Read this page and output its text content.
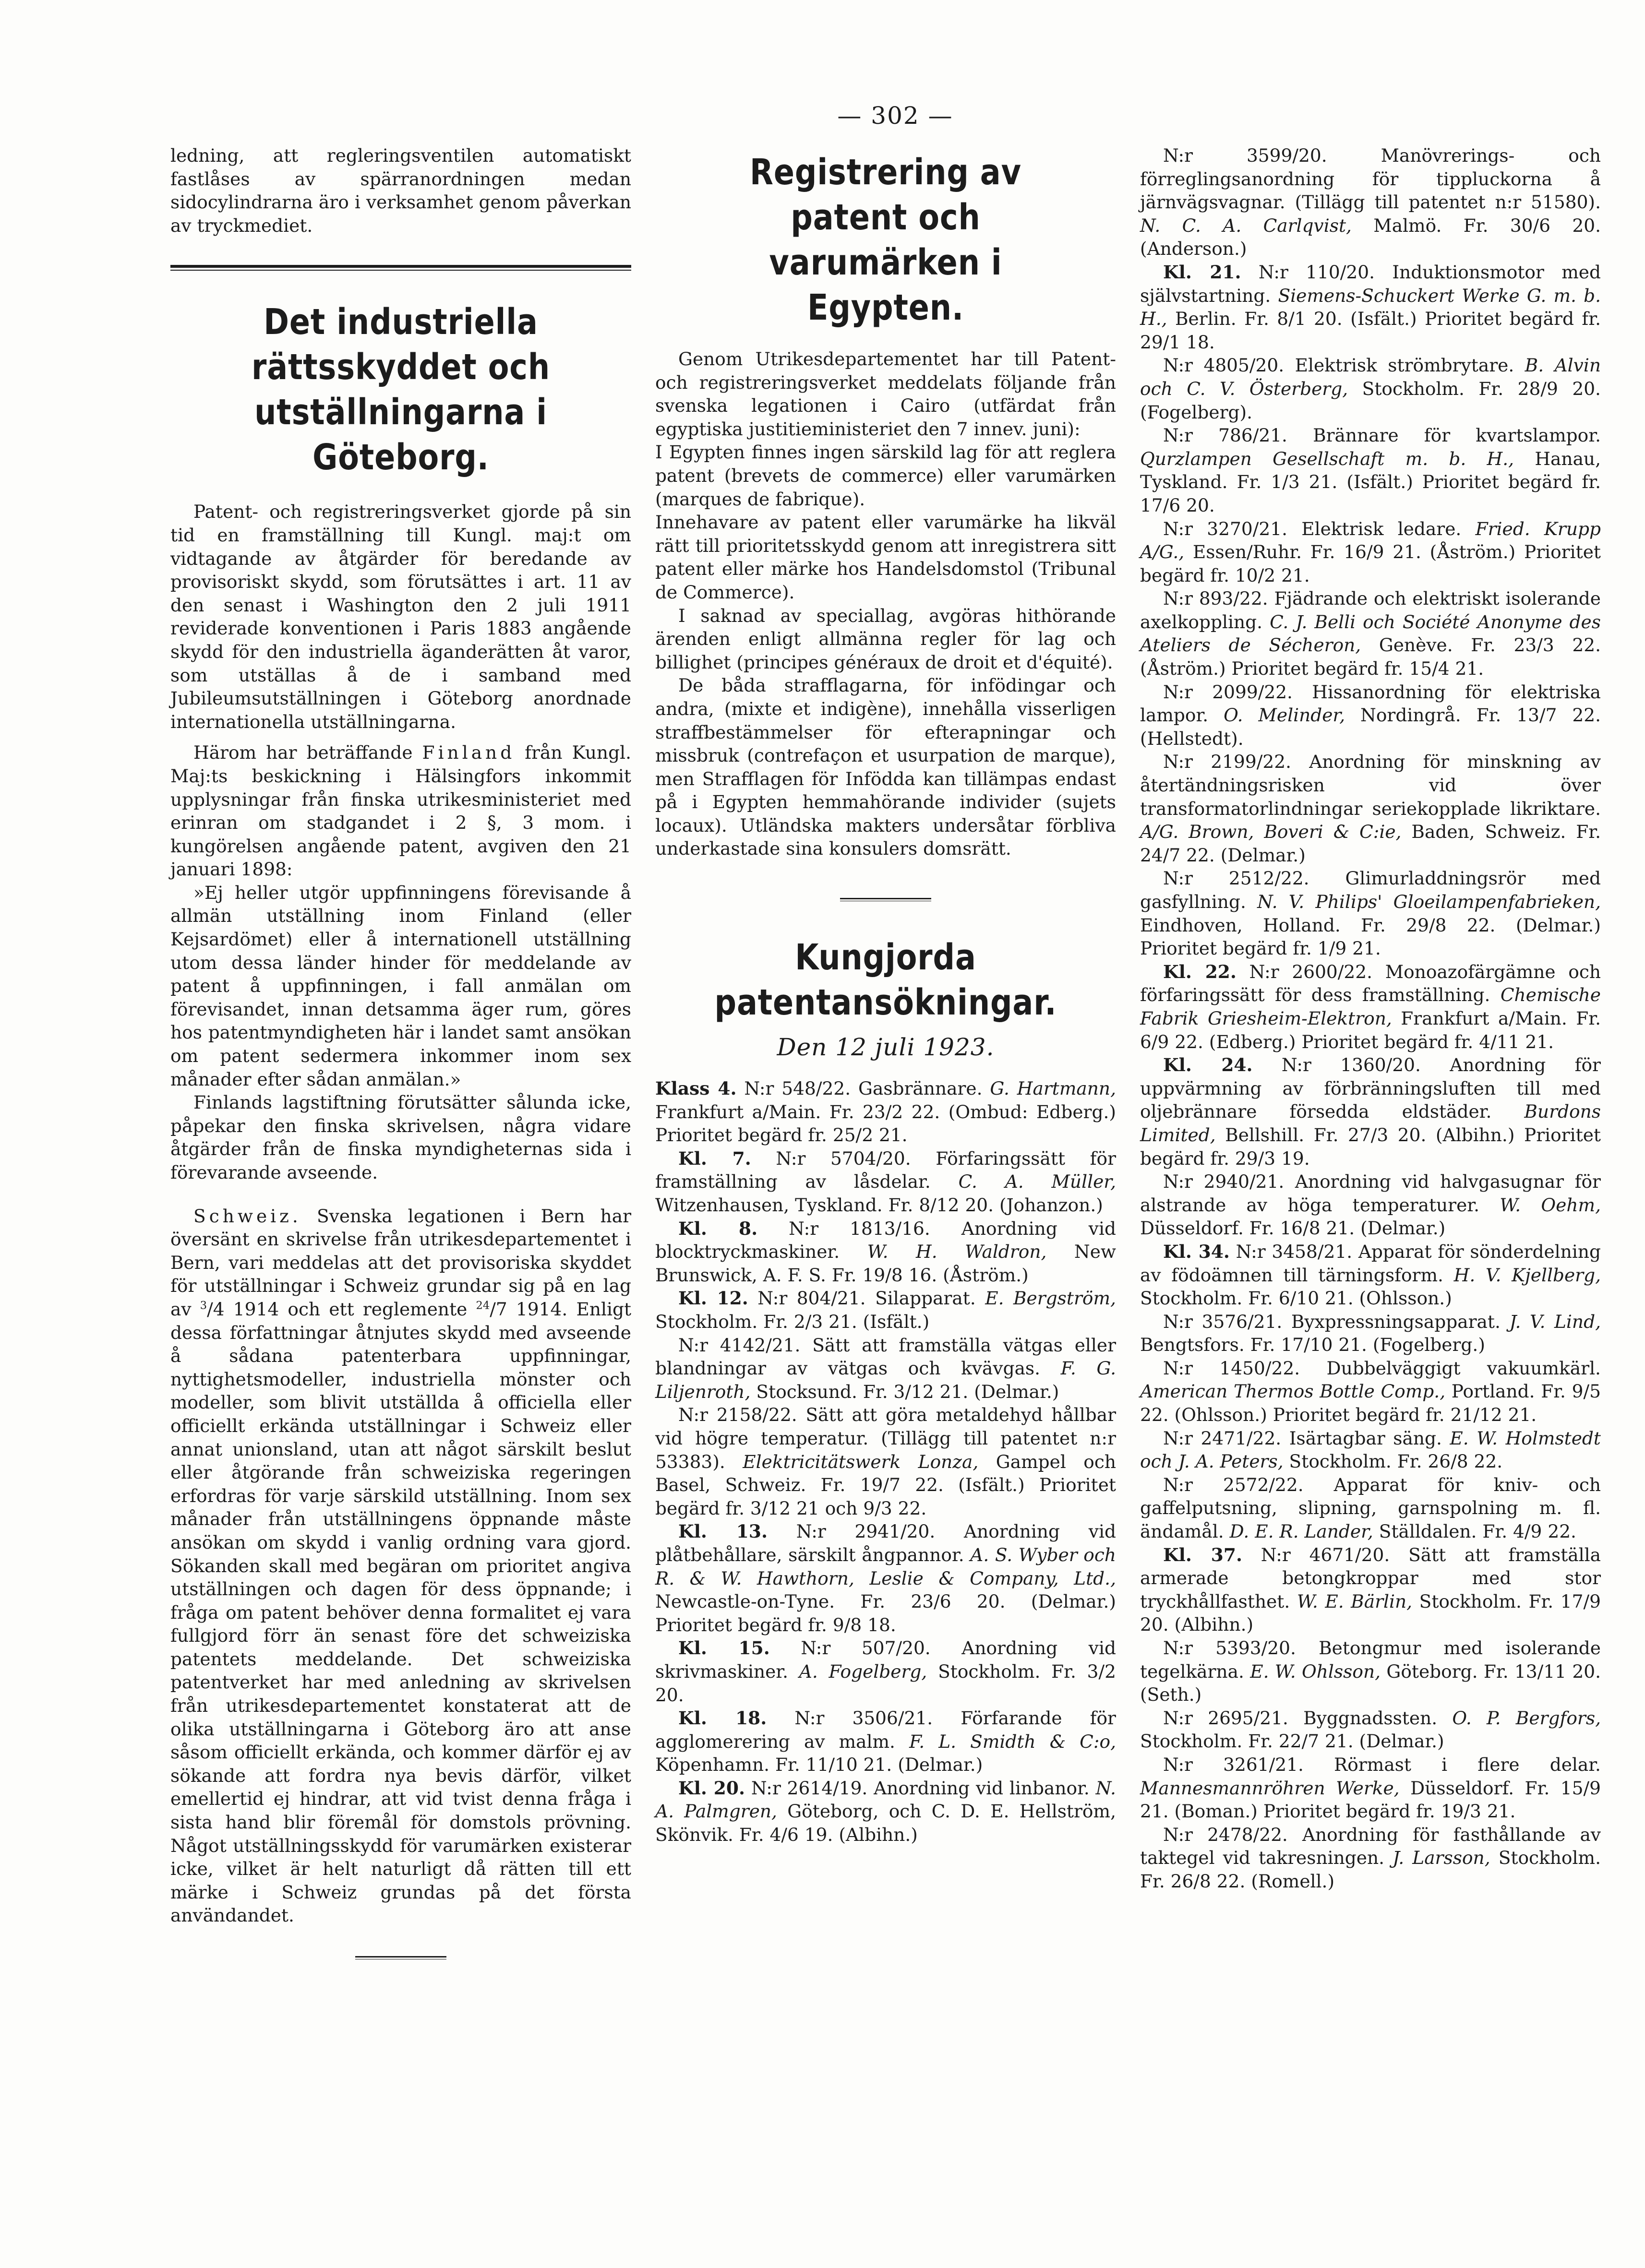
— 302 —

ledning, att regleringsventilen automatiskt fastlåses av spärranordningen medan sidocylindrarna äro i verksamhet genom påverkan av tryckmediet.

Det industriella rättsskyddet och utställningarna i Göteborg.

Patent- och registreringsverket gjorde på sin tid en framställning till Kungl. maj:t om vidtagande av åtgärder för beredande av provisoriskt skydd, som förutsättes i art. 11 av den senast i Washington den 2 juli 1911 reviderade konventionen i Paris 1883 angående skydd för den industriella äganderätten åt varor, som utställas å de i samband med Jubileumsutställningen i Göteborg anordnade internationella utställningarna.

Härom har beträffande Finland från Kungl. Maj:ts beskickning i Hälsingfors inkommit upplysningar från finska utrikesministeriet med erinran om stadgandet i 2 §, 3 mom. i kungörelsen angående patent, avgiven den 21 januari 1898:

»Ej heller utgör uppfinningens förevisande å allmän utställning inom Finland (eller Kejsardömet) eller å internationell utställning utom dessa länder hinder för meddelande av patent å uppfinningen, i fall anmälan om förevisandet, innan detsamma äger rum, göres hos patentmyndigheten här i landet samt ansökan om patent sedermera inkommer inom sex månader efter sådan anmälan.»

Finlands lagstiftning förutsätter sålunda icke, påpekar den finska skrivelsen, några vidare åtgärder från de finska myndigheternas sida i förevarande avseende.

Schweiz. Svenska legationen i Bern har översänt en skrivelse från utrikesdepartementet i Bern, vari meddelas att det provisoriska skyddet för utställningar i Schweiz grundar sig på en lag av $^3$/4 1914 och ett reglemente $^{24}$/7 1914. Enligt dessa författningar åtnjutes skydd med avseende å sådana patenterbara uppfinningar, nyttighetsmodeller, industriella mönster och modeller, som blivit utställda å officiella eller officiellt erkända utställningar i Schweiz eller annat unionsland, utan att något särskilt beslut eller åtgörande från schweiziska regeringen erfordras för varje särskild utställning. Inom sex månader från utställningens öppnande måste ansökan om skydd i vanlig ordning vara gjord. Sökanden skall med begäran om prioritet angiva utställningen och dagen för dess öppnande; i fråga om patent behöver denna formalitet ej vara fullgjord förr än senast före det schweiziska patentets meddelande. Det schweiziska patentverket har med anledning av skrivelsen från utrikesdepartementet konstaterat att de olika utställningarna i Göteborg äro att anse såsom officiellt erkända, och kommer därför ej av sökande att fordra nya bevis därför, vilket emellertid ej hindrar, att vid tvist denna fråga i sista hand blir föremål för domstols prövning. Något utställningsskydd för varumärken existerar icke, vilket är helt naturligt då rätten till ett märke i Schweiz grundas på det första användandet.

Registrering av patent och varumärken i Egypten.

Genom Utrikesdepartementet har till Patent- och registreringsverket meddelats följande från svenska legationen i Cairo (utfärdat från egyptiska justitieministeriet den 7 innev. juni):

I Egypten finnes ingen särskild lag för att reglera patent (brevets de commerce) eller varumärken (marques de fabrique).

Innehavare av patent eller varumärke ha likväl rätt till prioritetsskydd genom att inregistrera sitt patent eller märke hos Handelsdomstol (Tribunal de Commerce).

I saknad av speciallag, avgöras hithörande ärenden enligt allmänna regler för lag och billighet (principes généraux de droit et d'équité).

De båda strafflagarna, för infödingar och andra, (mixte et indigène), innehålla visserligen straffbestämmelser för efterapningar och missbruk (contrefaçon et usurpation de marque), men Strafflagen för Infödda kan tillämpas endast på i Egypten hemmahörande individer (sujets locaux). Utländska makters undersåtar förbliva underkastade sina konsulers domsrätt.

Kungjorda patentansökningar.
Den 12 juli 1923.

Klass 4. N:r 548/22. Gasbrännare. G. Hartmann, Frankfurt a/Main. Fr. 23/2 22. (Ombud: Edberg.) Prioritet begärd fr. 25/2 21.

Kl. 7. N:r 5704/20. Förfaringssätt för framställning av låsdelar. C. A. Müller, Witzenhausen, Tyskland. Fr. 8/12 20. (Johanzon.)

Kl. 8. N:r 1813/16. Anordning vid blocktryckmaskiner. W. H. Waldron, New Brunswick, A. F. S. Fr. 19/8 16. (Åström.)

Kl. 12. N:r 804/21. Silapparat. E. Bergström, Stockholm. Fr. 2/3 21. (Isfält.)

N:r 4142/21. Sätt att framställa vätgas eller blandningar av vätgas och kvävgas. F. G. Liljenroth, Stocksund. Fr. 3/12 21. (Delmar.)

N:r 2158/22. Sätt att göra metaldehyd hållbar vid högre temperatur. (Tillägg till patentet n:r 53383). Elektricitätswerk Lonza, Gampel och Basel, Schweiz. Fr. 19/7 22. (Isfält.) Prioritet begärd fr. 3/12 21 och 9/3 22.

Kl. 13. N:r 2941/20. Anordning vid plåtbehållare, särskilt ångpannor. A. S. Wyber och R. & W. Hawthorn, Leslie & Company, Ltd., Newcastle-on-Tyne. Fr. 23/6 20. (Delmar.) Prioritet begärd fr. 9/8 18.

Kl. 15. N:r 507/20. Anordning vid skrivmaskiner. A. Fogelberg, Stockholm. Fr. 3/2 20.

Kl. 18. N:r 3506/21. Förfarande för agglomerering av malm. F. L. Smidth & C:o, Köpenhamn. Fr. 11/10 21. (Delmar.)

Kl. 20. N:r 2614/19. Anordning vid linbanor. N. A. Palmgren, Göteborg, och C. D. E. Hellström, Skönvik. Fr. 4/6 19. (Albihn.)

N:r 3599/20. Manövrerings- och förreglingsanordning för tippluckorna å järnvägsvagnar. (Tillägg till patentet n:r 51580). N. C. A. Carlqvist, Malmö. Fr. 30/6 20. (Anderson.)

Kl. 21. N:r 110/20. Induktionsmotor med självstartning. Siemens-Schuckert Werke G. m. b. H., Berlin. Fr. 8/1 20. (Isfält.) Prioritet begärd fr. 29/1 18.

N:r 4805/20. Elektrisk strömbrytare. B. Alvin och C. V. Österberg, Stockholm. Fr. 28/9 20. (Fogelberg).

N:r 786/21. Brännare för kvartslampor. Qurzlampen Gesellschaft m. b. H., Hanau, Tyskland. Fr. 1/3 21. (Isfält.) Prioritet begärd fr. 17/6 20.

N:r 3270/21. Elektrisk ledare. Fried. Krupp A/G., Essen/Ruhr. Fr. 16/9 21. (Åström.) Prioritet begärd fr. 10/2 21.

N:r 893/22. Fjädrande och elektriskt isolerande axelkoppling. C. J. Belli och Société Anonyme des Ateliers de Sécheron, Genève. Fr. 23/3 22. (Åström.) Prioritet begärd fr. 15/4 21.

N:r 2099/22. Hissanordning för elektriska lampor. O. Melinder, Nordingrå. Fr. 13/7 22. (Hellstedt).

N:r 2199/22. Anordning för minskning av återtändningsrisken vid över transformatorlindningar seriekopplade likriktare. A/G. Brown, Boveri & C:ie, Baden, Schweiz. Fr. 24/7 22. (Delmar.)

N:r 2512/22. Glimurladdningsrör med gasfyllning. N. V. Philips' Gloeilampenfabrieken, Eindhoven, Holland. Fr. 29/8 22. (Delmar.) Prioritet begärd fr. 1/9 21.

Kl. 22. N:r 2600/22. Monoazofärgämne och förfaringssätt för dess framställning. Chemische Fabrik Griesheim-Elektron, Frankfurt a/Main. Fr. 6/9 22. (Edberg.) Prioritet begärd fr. 4/11 21.

Kl. 24. N:r 1360/20. Anordning för uppvärmning av förbränningsluften till med oljebrännare försedda eldstäder. Burdons Limited, Bellshill. Fr. 27/3 20. (Albihn.) Prioritet begärd fr. 29/3 19.

N:r 2940/21. Anordning vid halvgasugnar för alstrande av höga temperaturer. W. Oehm, Düsseldorf. Fr. 16/8 21. (Delmar.)

Kl. 34. N:r 3458/21. Apparat för sönderdelning av födoämnen till tärningsform. H. V. Kjellberg, Stockholm. Fr. 6/10 21. (Ohlsson.)

N:r 3576/21. Byxpressningsapparat. J. V. Lind, Bengtsfors. Fr. 17/10 21. (Fogelberg.)

N:r 1450/22. Dubbelväggigt vakuumkärl. American Thermos Bottle Comp., Portland. Fr. 9/5 22. (Ohlsson.) Prioritet begärd fr. 21/12 21.

N:r 2471/22. Isärtagbar säng. E. W. Holmstedt och J. A. Peters, Stockholm. Fr. 26/8 22.

N:r 2572/22. Apparat för kniv- och gaffelputsning, slipning, garnspolning m. fl. ändamål. D. E. R. Lander, Ställdalen. Fr. 4/9 22.

Kl. 37. N:r 4671/20. Sätt att framställa armerade betongkroppar med stor tryckhållfasthet. W. E. Bärlin, Stockholm. Fr. 17/9 20. (Albihn.)

N:r 5393/20. Betongmur med isolerande tegelkärna. E. W. Ohlsson, Göteborg. Fr. 13/11 20. (Seth.)

N:r 2695/21. Byggnadssten. O. P. Bergfors, Stockholm. Fr. 22/7 21. (Delmar.)

N:r 3261/21. Rörmast i flere delar. Mannesmannröhren Werke, Düsseldorf. Fr. 15/9 21. (Boman.) Prioritet begärd fr. 19/3 21.

N:r 2478/22. Anordning för fasthållande av taktegel vid takresningen. J. Larsson, Stockholm. Fr. 26/8 22. (Romell.)
